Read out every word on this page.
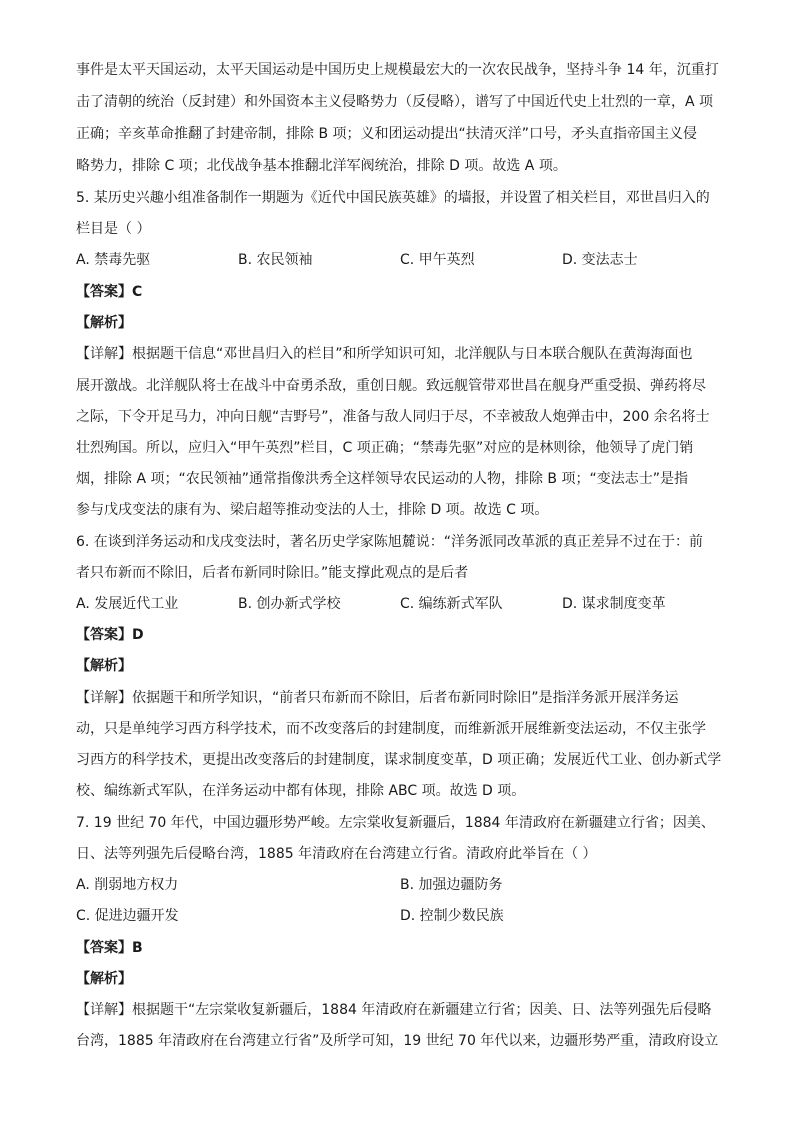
事件是太平天国运动，太平天国运动是中国历史上规模最宏大的一次农民战争，坚持斗争 14 年，沉重打
击了清朝的统治（反封建）和外国资本主义侵略势力（反侵略），谱写了中国近代史上壮烈的一章，A 项
正确；辛亥革命推翻了封建帝制，排除 B 项；义和团运动提出“扶清灭洋”口号，矛头直指帝国主义侵
略势力，排除 C 项；北伐战争基本推翻北洋军阀统治，排除 D 项。故选 A 项。
5. 某历史兴趣小组准备制作一期题为《近代中国民族英雄》的墙报，并设置了相关栏目，邓世昌归入的
栏目是（ ）
A. 禁毒先驱	B. 农民领袖	C. 甲午英烈	D. 变法志士
【答案】C
【解析】
【详解】根据题干信息“邓世昌归入的栏目”和所学知识可知，北洋舰队与日本联合舰队在黄海海面也
展开激战。北洋舰队将士在战斗中奋勇杀敌，重创日舰。致远舰管带邓世昌在舰身严重受损、弹药将尽
之际，下令开足马力，冲向日舰“吉野号”，准备与敌人同归于尽，不幸被敌人炮弹击中，200 余名将士
壮烈殉国。所以，应归入“甲午英烈”栏目，C 项正确；“禁毒先驱”对应的是林则徐，他领导了虎门销
烟，排除 A 项；“农民领袖”通常指像洪秀全这样领导农民运动的人物，排除 B 项；“变法志士”是指
参与戊戌变法的康有为、梁启超等推动变法的人士，排除 D 项。故选 C 项。
6. 在谈到洋务运动和戊戌变法时，著名历史学家陈旭麓说：“洋务派同改革派的真正差异不过在于：前
者只布新而不除旧，后者布新同时除旧。”能支撑此观点的是后者
A. 发展近代工业	B. 创办新式学校	C. 编练新式军队	D. 谋求制度变革
【答案】D
【解析】
【详解】依据题干和所学知识，“前者只布新而不除旧，后者布新同时除旧”是指洋务派开展洋务运
动，只是单纯学习西方科学技术，而不改变落后的封建制度，而维新派开展维新变法运动，不仅主张学
习西方的科学技术，更提出改变落后的封建制度，谋求制度变革，D 项正确；发展近代工业、创办新式学
校、编练新式军队，在洋务运动中都有体现，排除 ABC 项。故选 D 项。
7. 19 世纪 70 年代，中国边疆形势严峻。左宗棠收复新疆后，1884 年清政府在新疆建立行省；因美、
日、法等列强先后侵略台湾，1885 年清政府在台湾建立行省。清政府此举旨在（ ）
A. 削弱地方权力	B. 加强边疆防务
C. 促进边疆开发	D. 控制少数民族
【答案】B
【解析】
【详解】根据题干“左宗棠收复新疆后，1884 年清政府在新疆建立行省；因美、日、法等列强先后侵略
台湾，1885 年清政府在台湾建立行省”及所学可知，19 世纪 70 年代以来，边疆形势严重，清政府设立
